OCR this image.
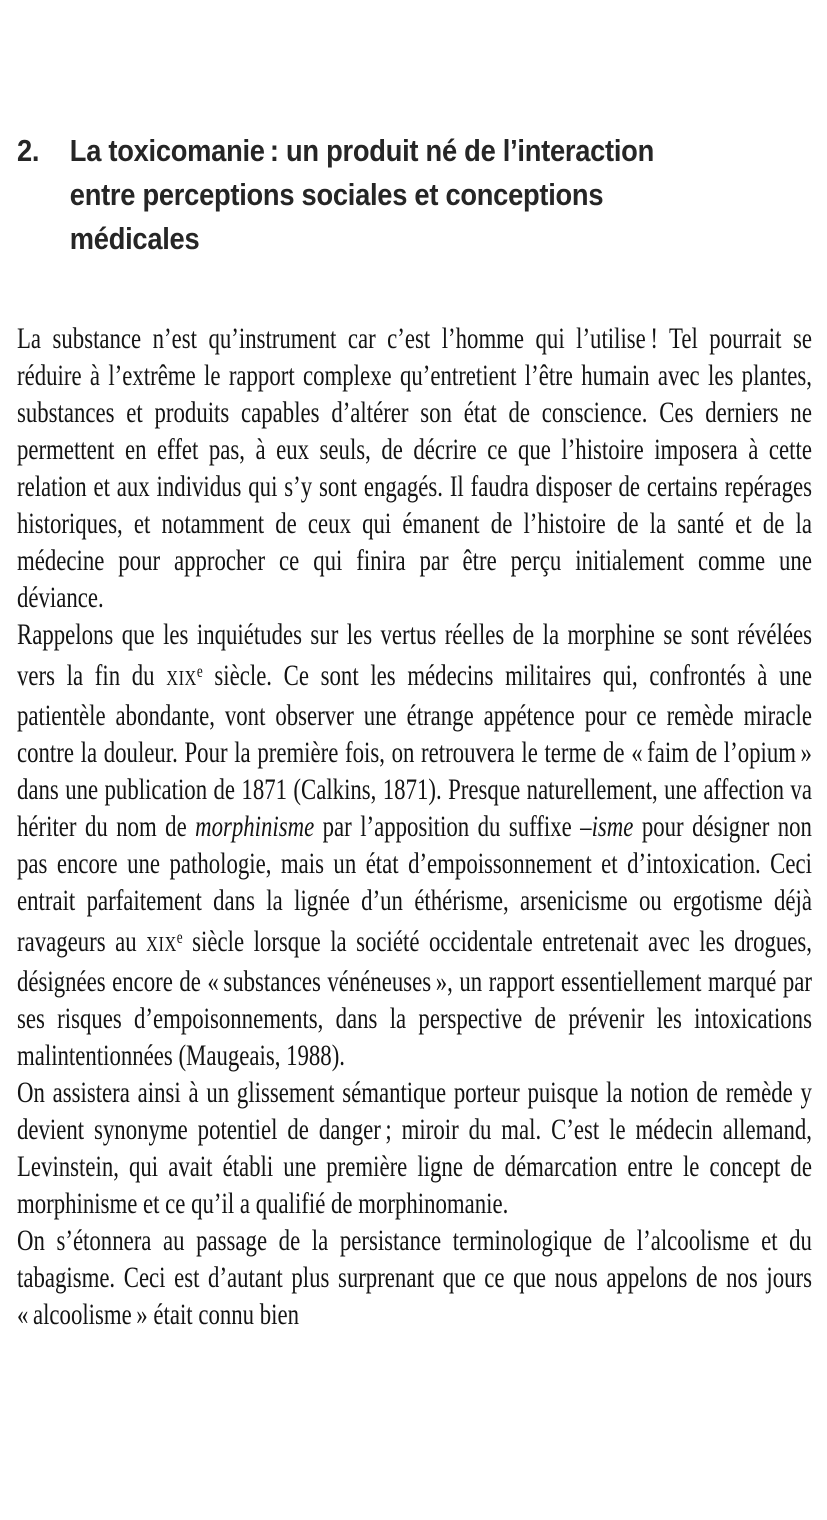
2. La toxicomanie : un produit né de l’interaction
entre perceptions sociales et conceptions
médicales

La substance n’est qu’instrument car c’est l’homme qui l’utilise ! Tel pourrait se réduire à l’extrême le rapport complexe qu’entretient l’être humain avec les plantes, substances et produits capables d’altérer son état de conscience. Ces derniers ne permettent en effet pas, à eux seuls, de décrire ce que l’histoire imposera à cette relation et aux individus qui s’y sont engagés. Il faudra disposer de certains repérages historiques, et notamment de ceux qui émanent de l’histoire de la santé et de la médecine pour approcher ce qui finira par être perçu initialement comme une déviance.

Rappelons que les inquiétudes sur les vertus réelles de la morphine se sont révélées vers la fin du XIXe siècle. Ce sont les médecins militaires qui, confrontés à une patientèle abondante, vont observer une étrange appétence pour ce remède miracle contre la douleur. Pour la première fois, on retrouvera le terme de « faim de l’opium » dans une publication de 1871 (Calkins, 1871). Presque naturellement, une affection va hériter du nom de morphinisme par l’apposition du suffixe –isme pour désigner non pas encore une pathologie, mais un état d’empoissonnement et d’intoxication. Ceci entrait parfaitement dans la lignée d’un éthérisme, arsenicisme ou ergotisme déjà ravageurs au XIXe siècle lorsque la société occidentale entretenait avec les drogues, désignées encore de « substances vénéneuses », un rapport essentiellement marqué par ses risques d’empoisonnements, dans la perspective de prévenir les intoxications malintentionnées (Maugeais, 1988).

On assistera ainsi à un glissement sémantique porteur puisque la notion de remède y devient synonyme potentiel de danger ; miroir du mal. C’est le médecin allemand, Levinstein, qui avait établi une première ligne de démarcation entre le concept de morphinisme et ce qu’il a qualifié de morphinomanie.

On s’étonnera au passage de la persistance terminologique de l’alcoolisme et du tabagisme. Ceci est d’autant plus surprenant que ce que nous appelons de nos jours « alcoolisme » était connu bien
